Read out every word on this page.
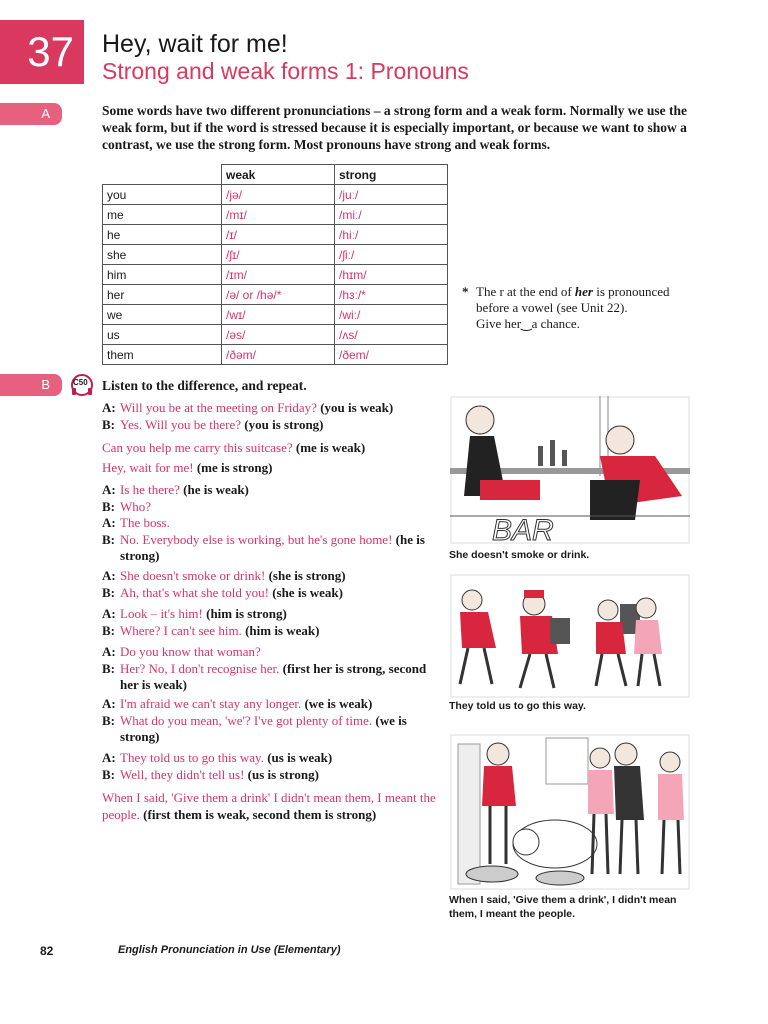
37	Hey, wait for me!
Strong and weak forms 1: Pronouns
A	Some words have two different pronunciations – a strong form and a weak form. Normally we use the weak form, but if the word is stressed because it is especially important, or because we want to show a contrast, we use the strong form. Most pronouns have strong and weak forms.
	weak	strong
you	/jə/	/juː/
me	/mɪ/	/miː/
he	/ɪ/	/hiː/
she	/ʃɪ/	/ʃiː/
him	/ɪm/	/hɪm/
her	/ə/ or /hə/*	/hɜː/*
we	/wɪ/	/wiː/
us	/əs/	/ʌs/
them	/ðəm/	/ðem/
* The r at the end of her is pronounced before a vowel (see Unit 22).
Give her‿a chance.
B	C50 Listen to the difference, and repeat.
A: Will you be at the meeting on Friday? (you is weak)
B: Yes. Will you be there? (you is strong)
Can you help me carry this suitcase? (me is weak)
Hey, wait for me! (me is strong)
A: Is he there? (he is weak)
B: Who?
A: The boss.
B: No. Everybody else is working, but he's gone home! (he is strong)
A: She doesn't smoke or drink! (she is strong)
B: Ah, that's what she told you! (she is weak)
A: Look – it's him! (him is strong)
B: Where? I can't see him. (him is weak)
A: Do you know that woman?
B: Her? No, I don't recognise her. (first her is strong, second her is weak)
A: I'm afraid we can't stay any longer. (we is weak)
B: What do you mean, 'we'? I've got plenty of time. (we is strong)
A: They told us to go this way. (us is weak)
B: Well, they didn't tell us! (us is strong)
When I said, 'Give them a drink' I didn't mean them, I meant the people. (first them is weak, second them is strong)
BAR
She doesn't smoke or drink.
They told us to go this way.
When I said, 'Give them a drink', I didn't mean them, I meant the people.
82	English Pronunciation in Use (Elementary)
